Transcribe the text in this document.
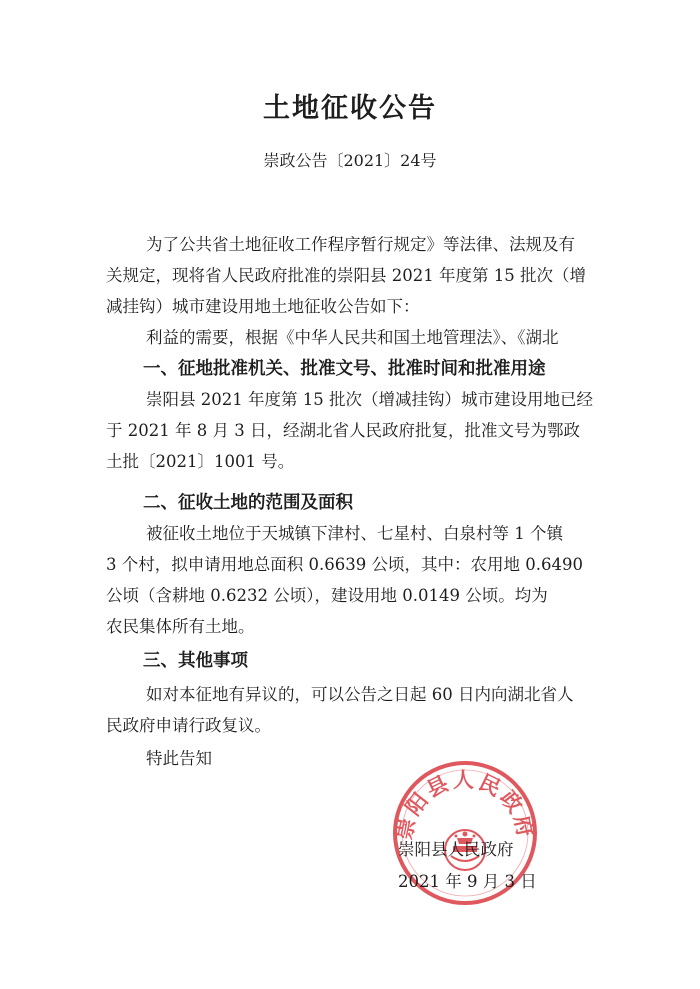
土地征收公告
崇政公告〔2021〕24号
为了公共省土地征收工作程序暂行规定》等法律、法规及有
关规定，现将省人民政府批准的崇阳县 2021 年度第 15 批次（增
减挂钩）城市建设用地土地征收公告如下：
利益的需要，根据《中华人民共和国土地管理法》、《湖北
一、征地批准机关、批准文号、批准时间和批准用途
崇阳县 2021 年度第 15 批次（增减挂钩）城市建设用地已经
于 2021 年 8 月 3 日，经湖北省人民政府批复，批准文号为鄂政
土批〔2021〕1001 号。
二、征收土地的范围及面积
被征收土地位于天城镇下津村、七星村、白泉村等 1 个镇
3 个村，拟申请用地总面积 0.6639 公顷，其中：农用地 0.6490
公顷（含耕地 0.6232 公顷），建设用地 0.0149 公顷。均为
农民集体所有土地。
三、其他事项
如对本征地有异议的，可以公告之日起 60 日内向湖北省人
民政府申请行政复议。
特此告知
崇阳县人民政府
崇阳县人民政府
2021 年 9 月 3 日
